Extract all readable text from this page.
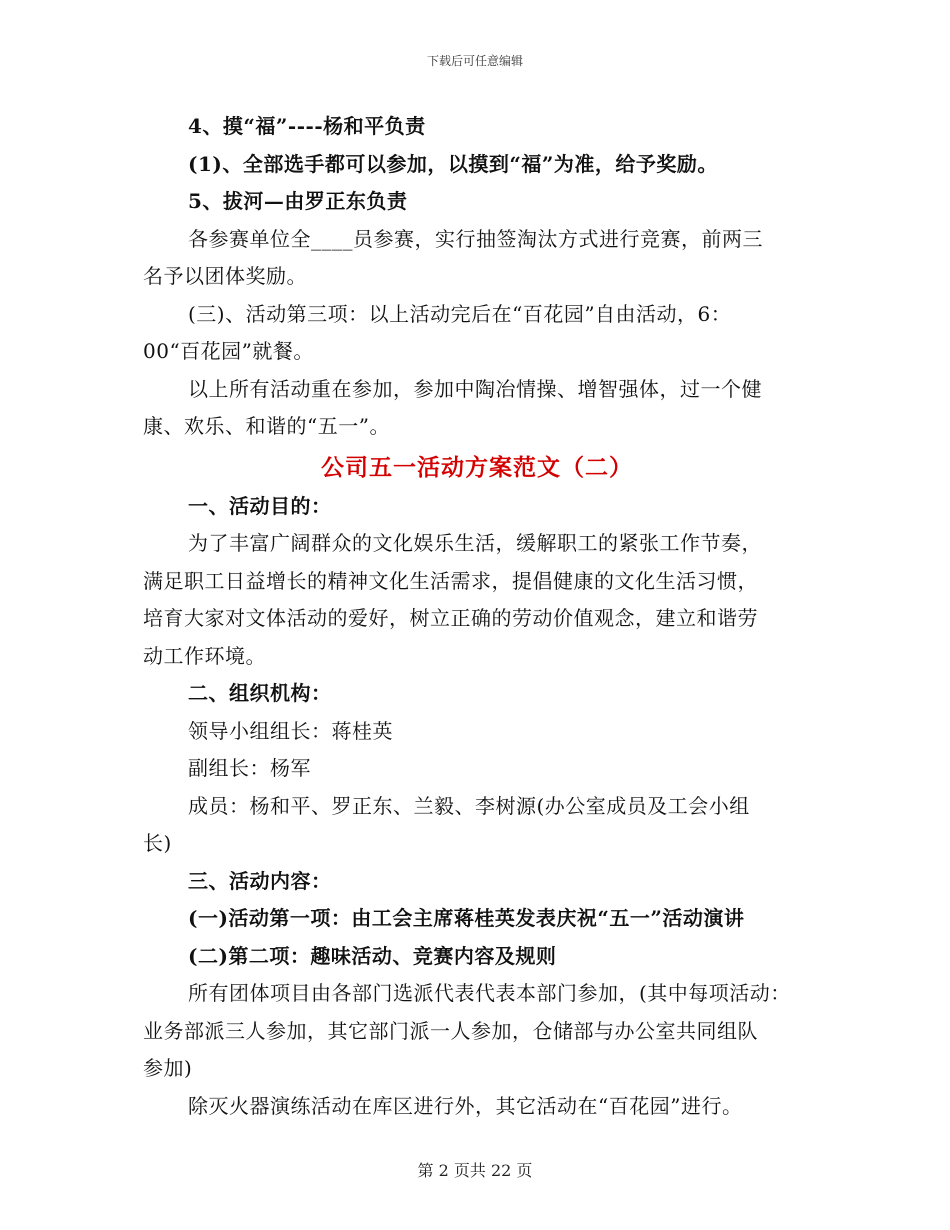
下载后可任意编辑

4、摸“福”----杨和平负责

(1)、全部选手都可以参加，以摸到“福”为准，给予奖励。

5、拔河—由罗正东负责

各参赛单位全____员参赛，实行抽签淘汰方式进行竞赛，前两三

名予以团体奖励。

(三)、活动第三项：以上活动完后在“百花园”自由活动，6：

00“百花园”就餐。

以上所有活动重在参加，参加中陶冶情操、增智强体，过一个健

康、欢乐、和谐的“五一”。

公司五一活动方案范文（二）

一、活动目的：

为了丰富广阔群众的文化娱乐生活，缓解职工的紧张工作节奏，

满足职工日益增长的精神文化生活需求，提倡健康的文化生活习惯，

培育大家对文体活动的爱好，树立正确的劳动价值观念，建立和谐劳

动工作环境。

二、组织机构：

领导小组组长：蒋桂英

副组长：杨军

成员：杨和平、罗正东、兰毅、李树源(办公室成员及工会小组

长)

三、活动内容：

(一)活动第一项：由工会主席蒋桂英发表庆祝“五一”活动演讲

(二)第二项：趣味活动、竞赛内容及规则

所有团体项目由各部门选派代表代表本部门参加，(其中每项活动：

业务部派三人参加，其它部门派一人参加，仓储部与办公室共同组队

参加)

除灭火器演练活动在库区进行外，其它活动在“百花园”进行。

第 2 页共 22 页
